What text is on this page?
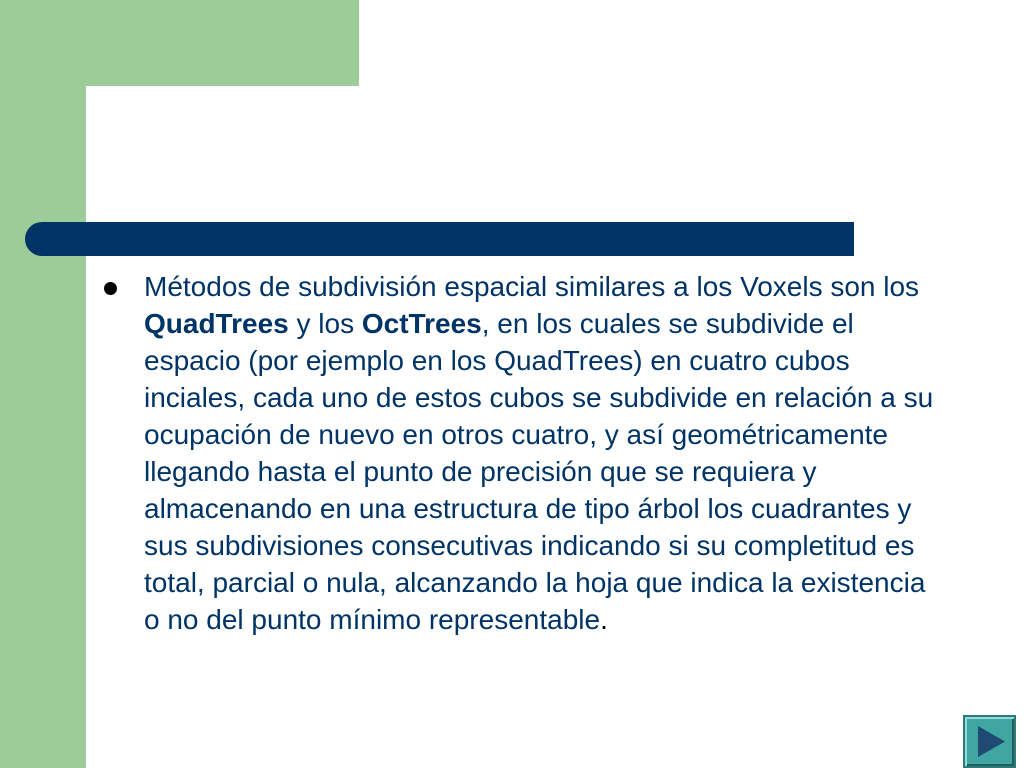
Métodos de subdivisión espacial similares a los Voxels son los QuadTrees y los OctTrees, en los cuales se subdivide el espacio (por ejemplo en los QuadTrees) en cuatro cubos inciales, cada uno de estos cubos se subdivide en relación a su ocupación de nuevo en otros cuatro, y así geométricamente llegando hasta el punto de precisión que se requiera y almacenando en una estructura de tipo árbol los cuadrantes y sus subdivisiones consecutivas indicando si su completitud es total, parcial o nula, alcanzando la hoja que indica la existencia o no del punto mínimo representable.
